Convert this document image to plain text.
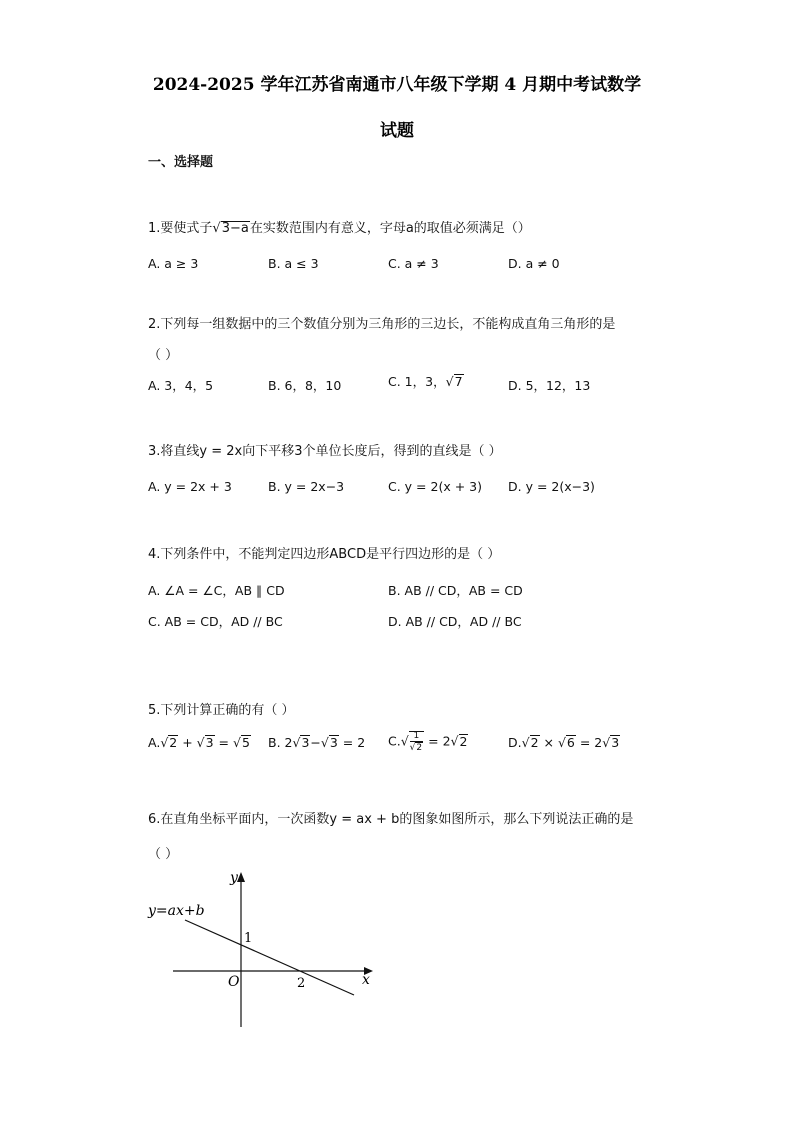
2024-2025 学年江苏省南通市八年级下学期 4 月期中考试数学
试题
一、选择题
1.要使式子√3−a在实数范围内有意义，字母a的取值必须满足（）
A. a ≥ 3	B. a ≤ 3	C. a ≠ 3	D. a ≠ 0
2.下列每一组数据中的三个数值分别为三角形的三边长，不能构成直角三角形的是
（ ）
A. 3，4，5	B. 6，8，10	C. 1，3，√7	D. 5，12，13
3.将直线y = 2x向下平移3个单位长度后，得到的直线是（ ）
A. y = 2x + 3	B. y = 2x−3	C. y = 2(x + 3) D. y = 2(x−3)
4.下列条件中，不能判定四边形ABCD是平行四边形的是（ ）
A. ∠A = ∠C，AB ∥ CD	B. AB // CD，AB = CD
C. AB = CD，AD // BC	D. AB // CD，AD // BC
5.下列计算正确的有（ ）
A.√2 + √3 = √5 B. 2√3−√3 = 2 C.√ 1
√2 = 2√2	D.√2 × √6 = 2√3
6.在直角坐标平面内，一次函数y = ax + b的图象如图所示，那么下列说法正确的是
（ ）
y=ax+b
y
x
O
1
2
